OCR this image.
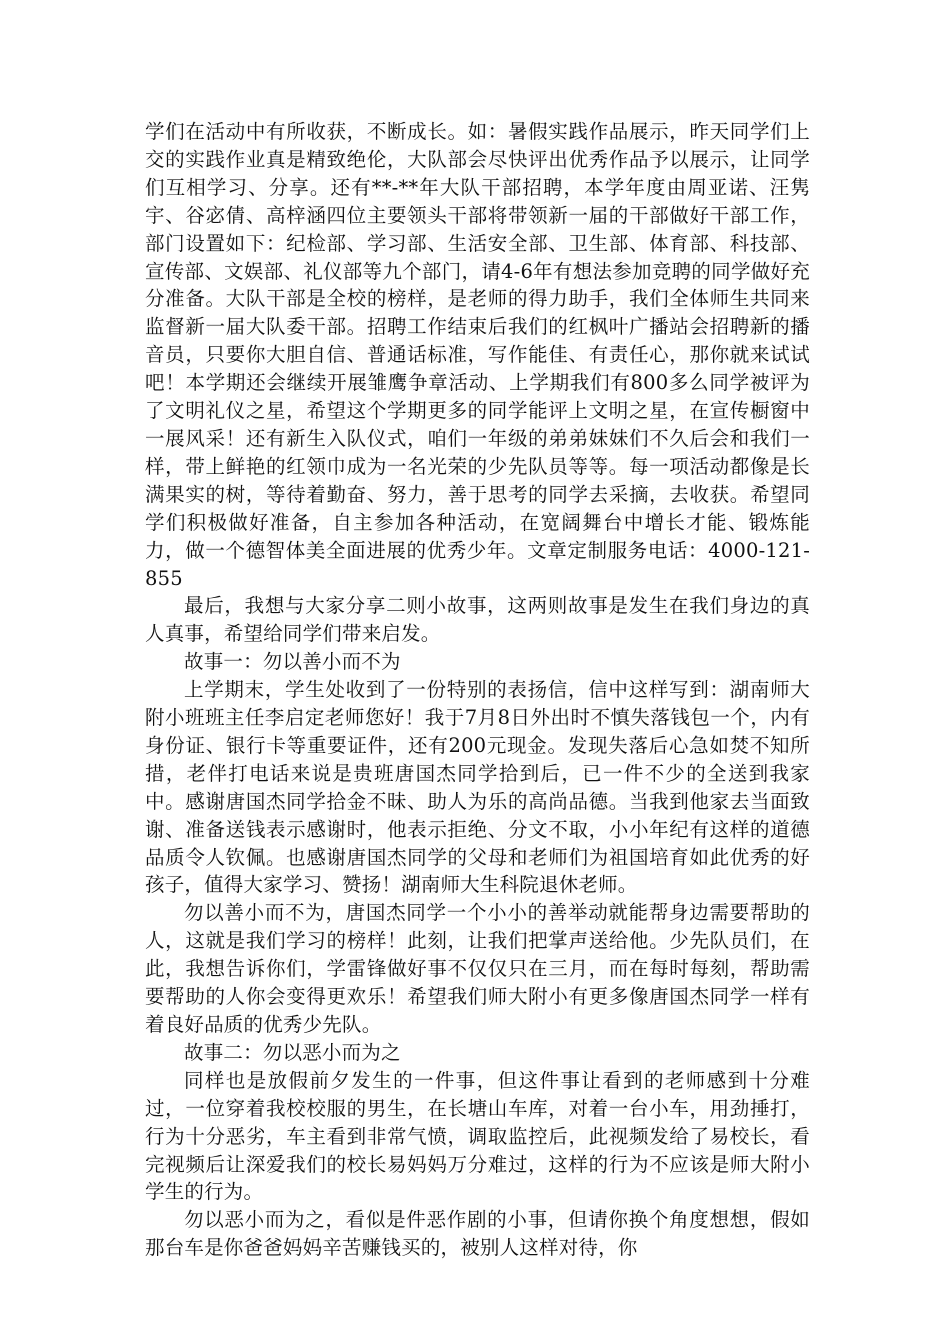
学们在活动中有所收获，不断成长。如：暑假实践作品展示，昨天同学们上交的实践作业真是精致绝伦，大队部会尽快评出优秀作品予以展示，让同学们互相学习、分享。还有**-**年大队干部招聘，本学年度由周亚诺、汪隽宇、谷宓倩、高梓涵四位主要领头干部将带领新一届的干部做好干部工作，部门设置如下：纪检部、学习部、生活安全部、卫生部、体育部、科技部、宣传部、文娱部、礼仪部等九个部门，请4-6年有想法参加竞聘的同学做好充分准备。大队干部是全校的榜样，是老师的得力助手，我们全体师生共同来监督新一届大队委干部。招聘工作结束后我们的红枫叶广播站会招聘新的播音员，只要你大胆自信、普通话标准，写作能佳、有责任心，那你就来试试吧！本学期还会继续开展雏鹰争章活动、上学期我们有800多么同学被评为了文明礼仪之星，希望这个学期更多的同学能评上文明之星，在宣传橱窗中一展风采！还有新生入队仪式，咱们一年级的弟弟妹妹们不久后会和我们一样，带上鲜艳的红领巾成为一名光荣的少先队员等等。每一项活动都像是长满果实的树，等待着勤奋、努力，善于思考的同学去采摘，去收获。希望同学们积极做好准备，自主参加各种活动，在宽阔舞台中增长才能、锻炼能力，做一个德智体美全面进展的优秀少年。文章定制服务电话：4000-121-855

最后，我想与大家分享二则小故事，这两则故事是发生在我们身边的真人真事，希望给同学们带来启发。

故事一：勿以善小而不为

上学期末，学生处收到了一份特别的表扬信，信中这样写到：湖南师大附小班班主任李启定老师您好！我于7月8日外出时不慎失落钱包一个，内有身份证、银行卡等重要证件，还有200元现金。发现失落后心急如焚不知所措，老伴打电话来说是贵班唐国杰同学拾到后，已一件不少的全送到我家中。感谢唐国杰同学拾金不昧、助人为乐的高尚品德。当我到他家去当面致谢、准备送钱表示感谢时，他表示拒绝、分文不取，小小年纪有这样的道德品质令人钦佩。也感谢唐国杰同学的父母和老师们为祖国培育如此优秀的好孩子，值得大家学习、赞扬！湖南师大生科院退休老师。

勿以善小而不为，唐国杰同学一个小小的善举动就能帮身边需要帮助的人，这就是我们学习的榜样！此刻，让我们把掌声送给他。少先队员们，在此，我想告诉你们，学雷锋做好事不仅仅只在三月，而在每时每刻，帮助需要帮助的人你会变得更欢乐！希望我们师大附小有更多像唐国杰同学一样有着良好品质的优秀少先队。

故事二：勿以恶小而为之

同样也是放假前夕发生的一件事，但这件事让看到的老师感到十分难过，一位穿着我校校服的男生，在长塘山车库，对着一台小车，用劲捶打，行为十分恶劣，车主看到非常气愤，调取监控后，此视频发给了易校长，看完视频后让深爱我们的校长易妈妈万分难过，这样的行为不应该是师大附小学生的行为。

勿以恶小而为之，看似是件恶作剧的小事，但请你换个角度想想，假如那台车是你爸爸妈妈辛苦赚钱买的，被别人这样对待，你
